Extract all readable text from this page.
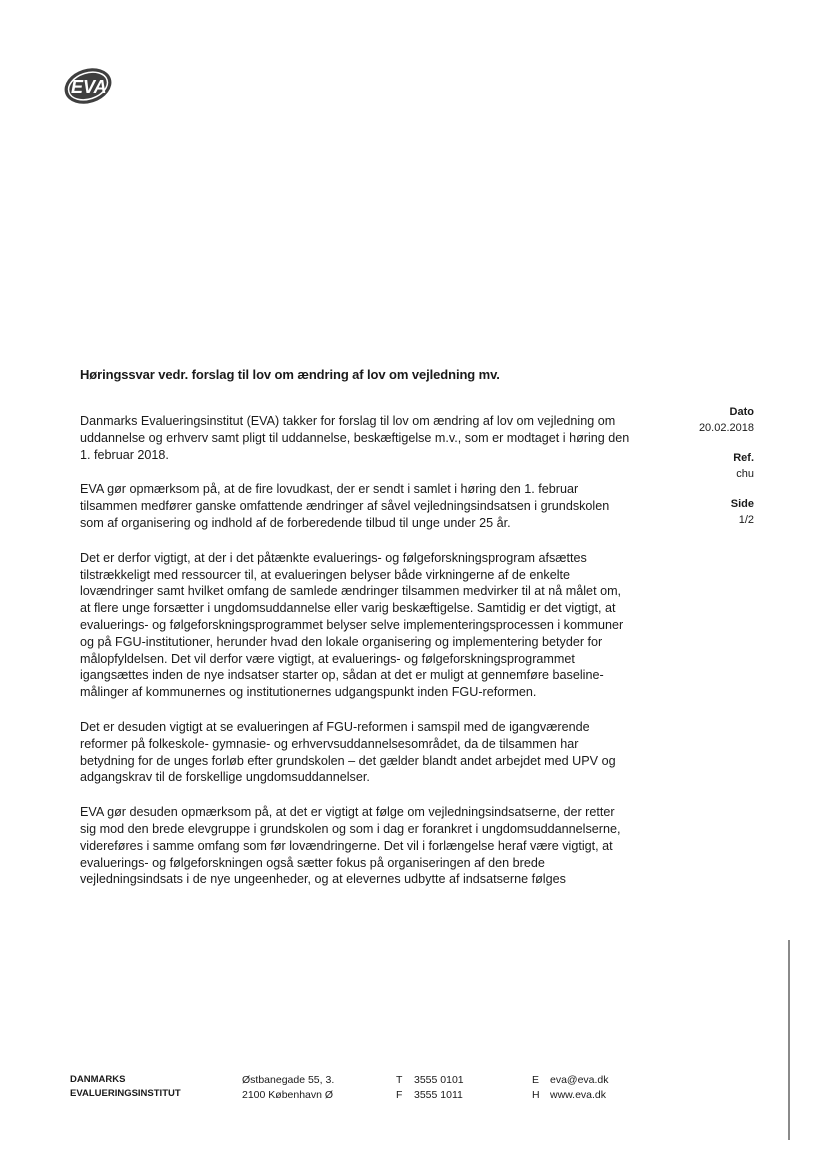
EVA
Høringssvar vedr. forslag til lov om ændring af lov om vejledning mv.

Danmarks Evalueringsinstitut (EVA) takker for forslag til lov om ændring af lov om vejledning om uddannelse og erhverv samt pligt til uddannelse, beskæftigelse m.v., som er modtaget i høring den 1. februar 2018.

EVA gør opmærksom på, at de fire lovudkast, der er sendt i samlet i høring den 1. februar tilsammen medfører ganske omfattende ændringer af såvel vejledningsindsatsen i grundskolen som af organisering og indhold af de forberedende tilbud til unge under 25 år.

Det er derfor vigtigt, at der i det påtænkte evaluerings- og følgeforskningsprogram afsættes tilstrækkeligt med ressourcer til, at evalueringen belyser både virkningerne af de enkelte lovændringer samt hvilket omfang de samlede ændringer tilsammen medvirker til at nå målet om, at flere unge forsætter i ungdomsuddannelse eller varig beskæftigelse. Samtidig er det vigtigt, at evaluerings- og følgeforskningsprogrammet belyser selve implementeringsprocessen i kommuner og på FGU-institutioner, herunder hvad den lokale organisering og implementering betyder for målopfyldelsen. Det vil derfor være vigtigt, at evaluerings- og følgeforskningsprogrammet igangsættes inden de nye indsatser starter op, sådan at det er muligt at gennemføre baseline-målinger af kommunernes og institutionernes udgangspunkt inden FGU-reformen.

Det er desuden vigtigt at se evalueringen af FGU-reformen i samspil med de igangværende reformer på folkeskole- gymnasie- og erhvervsuddannelsesområdet, da de tilsammen har betydning for de unges forløb efter grundskolen – det gælder blandt andet arbejdet med UPV og adgangskrav til de forskellige ungdomsuddannelser.

EVA gør desuden opmærksom på, at det er vigtigt at følge om vejledningsindsatserne, der retter sig mod den brede elevgruppe i grundskolen og som i dag er forankret i ungdomsuddannelserne, videreføres i samme omfang som før lovændringerne. Det vil i forlængelse heraf være vigtigt, at evaluerings- og følgeforskningen også sætter fokus på organiseringen af den brede vejledningsindsats i de nye ungeenheder, og at elevernes udbytte af indsatserne følges

Dato
20.02.2018
Ref.
chu
Side
1/2
DANMARKS
EVALUERINGSINSTITUT
Østbanegade 55, 3.
2100 København Ø
T 3555 0101
F 3555 1011
E eva@eva.dk
H www.eva.dk
